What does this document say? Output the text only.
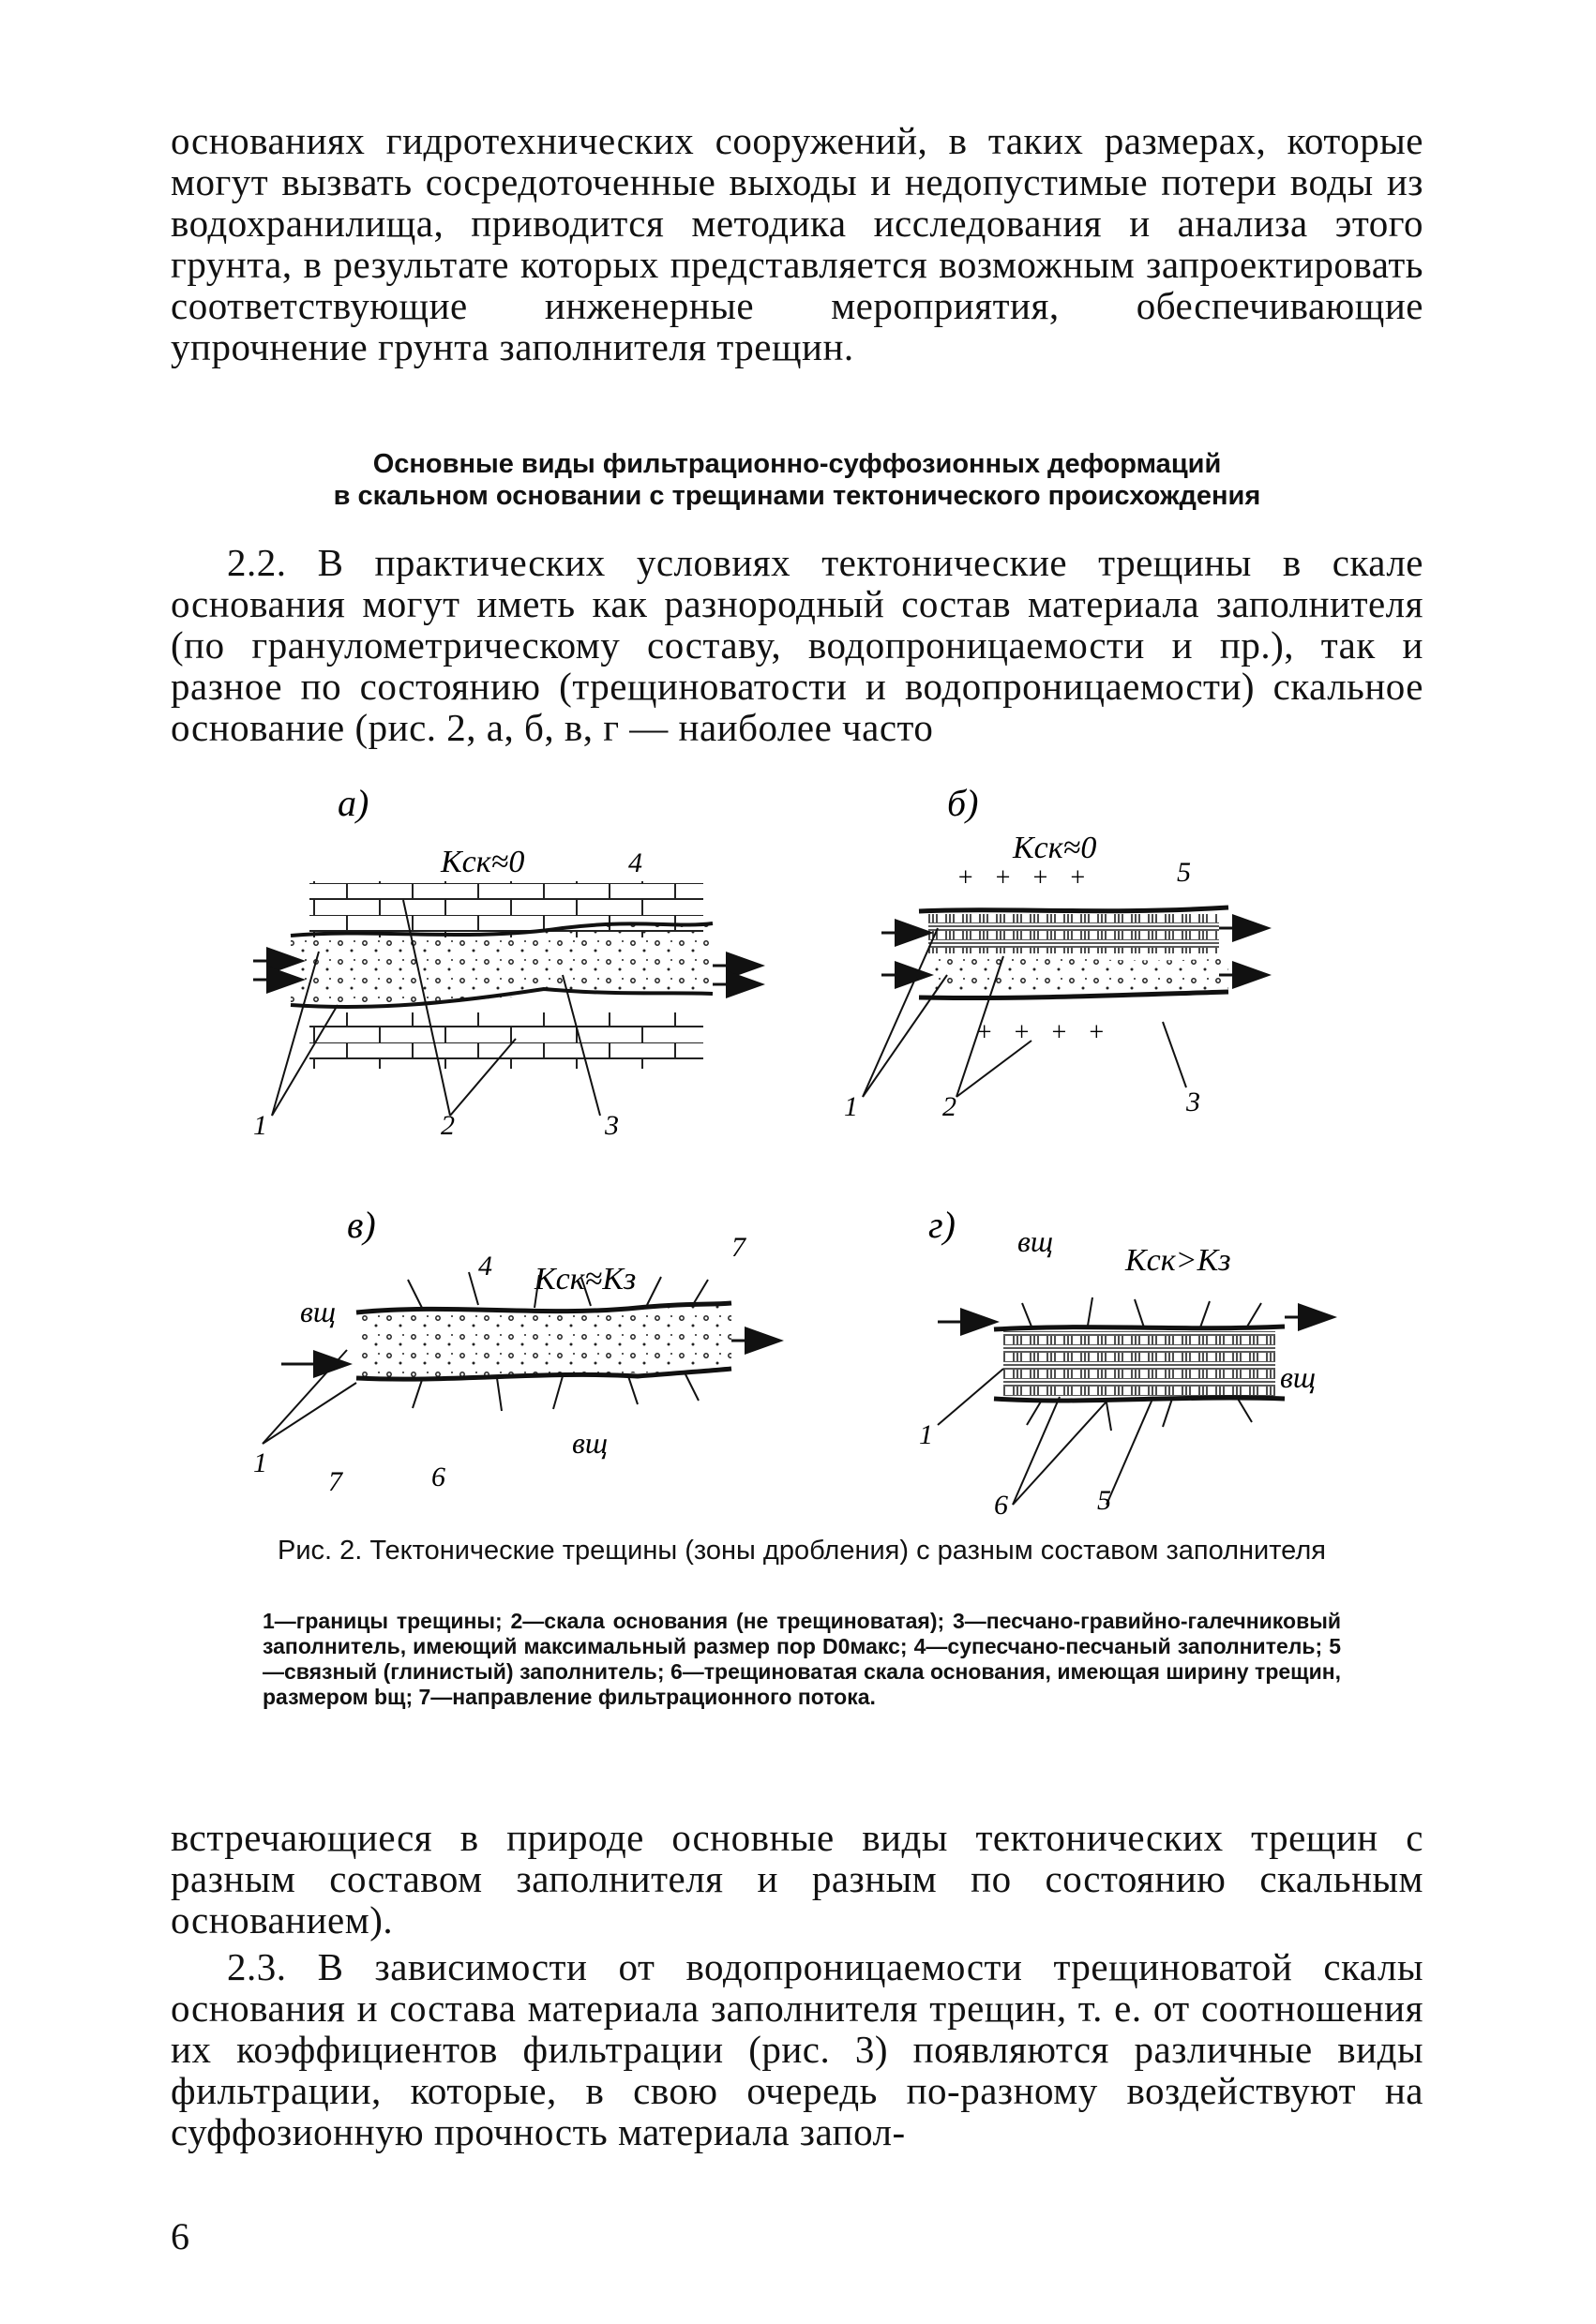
основаниях гидротехнических сооружений, в таких размерах, которые могут вызвать сосредоточенные выходы и недопустимые потери воды из водохранилища, приводится методика исследования и анализа этого грунта, в результате которых представляется возможным запроектировать соответствующие инженерные мероприятия, обеспечивающие упрочнение грунта заполнителя трещин.

Основные виды фильтрационно-суффозионных деформаций

в скальном основании с трещинами тектонического происхождения

2.2. В практических условиях тектонические трещины в скале основания могут иметь как разнородный состав материала заполнителя (по гранулометрическому составу, водопроницаемости и пр.), так и разное по состоянию (трещиноватости и водопроницаемости) скальное основание (рис. 2, а, б, в, г — наиболее часто

а)
Kск≈0	4
1	2	3
б)
Kск≈0
+   +   +   +	5
+   +   +   +
1	2	3
в)
4 Kск≈Kз
7
вщ
вщ
1
7	6
г) вщ
Kск>Kз
вщ
1
6	5

Рис. 2. Тектонические трещины (зоны дробления) с разным составом заполнителя

1—границы трещины; 2—скала основания (не трещиноватая); 3—песчано-гравийно-галечниковый заполнитель, имеющий максимальный размер пор D0макс; 4—супесчано-песчаный заполнитель; 5—связный (глинистый) заполнитель; 6—трещиноватая скала основания, имеющая ширину трещин, размером bщ; 7—направление фильтрационного потока.

встречающиеся в природе основные виды тектонических трещин с разным составом заполнителя и разным по состоянию скальным основанием).

2.3. В зависимости от водопроницаемости трещиноватой скалы основания и состава материала заполнителя трещин, т. е. от соотношения их коэффициентов фильтрации (рис. 3) появляются различные виды фильтрации, которые, в свою очередь по-разному воздействуют на суффозионную прочность материала запол-

6
